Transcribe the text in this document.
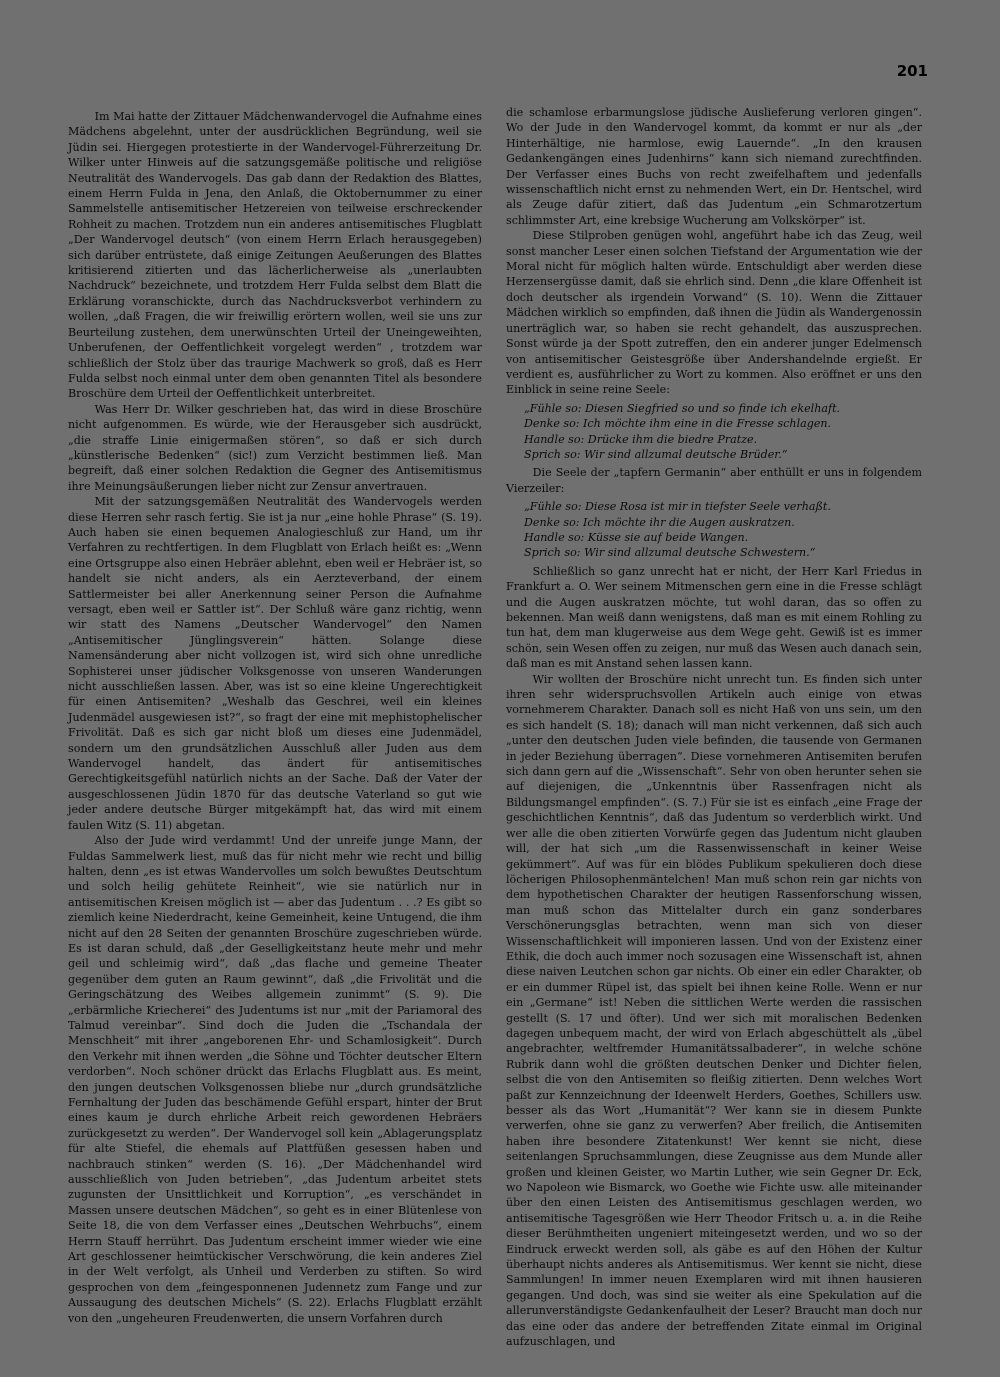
201

Im Mai hatte der Zittauer Mädchenwandervogel die Aufnahme eines Mädchens abgelehnt, unter der ausdrücklichen Begründung, weil sie Jüdin sei. Hiergegen protestierte in der Wandervogel-Führerzeitung Dr. Wilker unter Hinweis auf die satzungsgemäße politische und religiöse Neutralität des Wandervogels. Das gab dann der Redaktion des Blattes, einem Herrn Fulda in Jena, den Anlaß, die Oktobernummer zu einer Sammelstelle antisemitischer Hetzereien von teilweise erschreckender Rohheit zu machen. Trotzdem nun ein anderes antisemitisches Flugblatt „Der Wandervogel deutsch“ (von einem Herrn Erlach herausgegeben) sich darüber entrüstete, daß einige Zeitungen Aeußerungen des Blattes kritisierend zitierten und das lächerlicherweise als „unerlaubten Nachdruck“ bezeichnete, und trotzdem Herr Fulda selbst dem Blatt die Erklärung voranschickte, durch das Nachdrucksverbot verhindern zu wollen, „daß Fragen, die wir freiwillig erörtern wollen, weil sie uns zur Beurteilung zustehen, dem unerwünschten Urteil der Uneingeweihten, Unberufenen, der Oeffentlichkeit vorgelegt werden“ , trotzdem war schließlich der Stolz über das traurige Machwerk so groß, daß es Herr Fulda selbst noch einmal unter dem oben genannten Titel als besondere Broschüre dem Urteil der Oeffentlichkeit unterbreitet.

Was Herr Dr. Wilker geschrieben hat, das wird in diese Broschüre nicht aufgenommen. Es würde, wie der Herausgeber sich ausdrückt, „die straffe Linie einigermaßen stören“, so daß er sich durch „künstlerische Bedenken“ (sic!) zum Verzicht bestimmen ließ. Man begreift, daß einer solchen Redaktion die Gegner des Antisemitismus ihre Meinungsäußerungen lieber nicht zur Zensur anvertrauen.

Mit der satzungsgemäßen Neutralität des Wandervogels werden diese Herren sehr rasch fertig. Sie ist ja nur „eine hohle Phrase“ (S. 19). Auch haben sie einen bequemen Analogieschluß zur Hand, um ihr Verfahren zu rechtfertigen. In dem Flugblatt von Erlach heißt es: „Wenn eine Ortsgruppe also einen Hebräer ablehnt, eben weil er Hebräer ist, so handelt sie nicht anders, als ein Aerzteverband, der einem Sattlermeister bei aller Anerkennung seiner Person die Aufnahme versagt, eben weil er Sattler ist“. Der Schluß wäre ganz richtig, wenn wir statt des Namens „Deutscher Wandervogel“ den Namen „Antisemitischer Jünglingsverein“ hätten. Solange diese Namensänderung aber nicht vollzogen ist, wird sich ohne unredliche Sophisterei unser jüdischer Volksgenosse von unseren Wanderungen nicht ausschließen lassen. Aber, was ist so eine kleine Ungerechtigkeit für einen Antisemiten? „Weshalb das Geschrei, weil ein kleines Judenmädel ausgewiesen ist?“, so fragt der eine mit mephistophelischer Frivolität. Daß es sich gar nicht bloß um dieses eine Judenmädel, sondern um den grundsätzlichen Ausschluß aller Juden aus dem Wandervogel handelt, das ändert für antisemitisches Gerechtigkeitsgefühl natürlich nichts an der Sache. Daß der Vater der ausgeschlossenen Jüdin 1870 für das deutsche Vaterland so gut wie jeder andere deutsche Bürger mitgekämpft hat, das wird mit einem faulen Witz (S. 11) abgetan.

Also der Jude wird verdammt! Und der unreife junge Mann, der Fuldas Sammelwerk liest, muß das für nicht mehr wie recht und billig halten, denn „es ist etwas Wandervolles um solch bewußtes Deutschtum und solch heilig gehütete Reinheit“, wie sie natürlich nur in antisemitischen Kreisen möglich ist — aber das Judentum . . .? Es gibt so ziemlich keine Niederdracht, keine Gemeinheit, keine Untugend, die ihm nicht auf den 28 Seiten der genannten Broschüre zugeschrieben würde. Es ist daran schuld, daß „der Geselligkeitstanz heute mehr und mehr geil und schleimig wird“, daß „das flache und gemeine Theater gegenüber dem guten an Raum gewinnt“, daß „die Frivolität und die Geringschätzung des Weibes allgemein zunimmt“ (S. 9). Die „erbärmliche Kriecherei“ des Judentums ist nur „mit der Pariamoral des Talmud vereinbar“. Sind doch die Juden die „Tschandala der Menschheit“ mit ihrer „angeborenen Ehr- und Schamlosigkeit“. Durch den Verkehr mit ihnen werden „die Söhne und Töchter deutscher Eltern verdorben“. Noch schöner drückt das Erlachs Flugblatt aus. Es meint, den jungen deutschen Volksgenossen bliebe nur „durch grundsätzliche Fernhaltung der Juden das beschämende Gefühl erspart, hinter der Brut eines kaum je durch ehrliche Arbeit reich gewordenen Hebräers zurückgesetzt zu werden“. Der Wandervogel soll kein „Ablagerungsplatz für alte Stiefel, die ehemals auf Plattfüßen gesessen haben und nachbrauch stinken“ werden (S. 16). „Der Mädchenhandel wird ausschließlich von Juden betrieben“, „das Judentum arbeitet stets zugunsten der Unsittlichkeit und Korruption“, „es verschändet in Massen unsere deutschen Mädchen“, so geht es in einer Blütenlese von Seite 18, die von dem Verfasser eines „Deutschen Wehrbuchs“, einem Herrn Stauff herrührt. Das Judentum erscheint immer wieder wie eine Art geschlossener heimtückischer Verschwörung, die kein anderes Ziel in der Welt verfolgt, als Unheil und Verderben zu stiften. So wird gesprochen von dem „feingesponnenen Judennetz zum Fange und zur Aussaugung des deutschen Michels“ (S. 22). Erlachs Flugblatt erzählt von den „ungeheuren Freudenwerten, die unsern Vorfahren durch

die schamlose erbarmungslose jüdische Auslieferung verloren gingen“. Wo der Jude in den Wandervogel kommt, da kommt er nur als „der Hinterhältige, nie harmlose, ewig Lauernde“. „In den krausen Gedankengängen eines Judenhirns“ kann sich niemand zurechtfinden. Der Verfasser eines Buchs von recht zweifelhaftem und jedenfalls wissenschaftlich nicht ernst zu nehmenden Wert, ein Dr. Hentschel, wird als Zeuge dafür zitiert, daß das Judentum „ein Schmarotzertum schlimmster Art, eine krebsige Wucherung am Volkskörper“ ist.

Diese Stilproben genügen wohl, angeführt habe ich das Zeug, weil sonst mancher Leser einen solchen Tiefstand der Argumentation wie der Moral nicht für möglich halten würde. Entschuldigt aber werden diese Herzensergüsse damit, daß sie ehrlich sind. Denn „die klare Offenheit ist doch deutscher als irgendein Vorwand“ (S. 10). Wenn die Zittauer Mädchen wirklich so empfinden, daß ihnen die Jüdin als Wandergenossin unerträglich war, so haben sie recht gehandelt, das auszusprechen. Sonst würde ja der Spott zutreffen, den ein anderer junger Edelmensch von antisemitischer Geistesgröße über Andershandelnde ergießt. Er verdient es, ausführlicher zu Wort zu kommen. Also eröffnet er uns den Einblick in seine reine Seele:

„Fühle so: Diesen Siegfried so und so finde ich ekelhaft.
Denke so: Ich möchte ihm eine in die Fresse schlagen.
Handle so: Drücke ihm die biedre Pratze.
Sprich so: Wir sind allzumal deutsche Brüder.“

Die Seele der „tapfern Germanin“ aber enthüllt er uns in folgendem Vierzeiler:

„Fühle so: Diese Rosa ist mir in tiefster Seele verhaßt.
Denke so: Ich möchte ihr die Augen auskratzen.
Handle so: Küsse sie auf beide Wangen.
Sprich so: Wir sind allzumal deutsche Schwestern.“

Schließlich so ganz unrecht hat er nicht, der Herr Karl Friedus in Frankfurt a. O. Wer seinem Mitmenschen gern eine in die Fresse schlägt und die Augen auskratzen möchte, tut wohl daran, das so offen zu bekennen. Man weiß dann wenigstens, daß man es mit einem Rohling zu tun hat, dem man klugerweise aus dem Wege geht. Gewiß ist es immer schön, sein Wesen offen zu zeigen, nur muß das Wesen auch danach sein, daß man es mit Anstand sehen lassen kann.

Wir wollten der Broschüre nicht unrecht tun. Es finden sich unter ihren sehr widerspruchsvollen Artikeln auch einige von etwas vornehmerem Charakter. Danach soll es nicht Haß von uns sein, um den es sich handelt (S. 18); danach will man nicht verkennen, daß sich auch „unter den deutschen Juden viele befinden, die tausende von Germanen in jeder Beziehung überragen“. Diese vornehmeren Antisemiten berufen sich dann gern auf die „Wissenschaft“. Sehr von oben herunter sehen sie auf diejenigen, die „Unkenntnis über Rassenfragen nicht als Bildungsmangel empfinden“. (S. 7.) Für sie ist es einfach „eine Frage der geschichtlichen Kenntnis“, daß das Judentum so verderblich wirkt. Und wer alle die oben zitierten Vorwürfe gegen das Judentum nicht glauben will, der hat sich „um die Rassenwissenschaft in keiner Weise gekümmert“. Auf was für ein blödes Publikum spekulieren doch diese löcherigen Philosophenmäntelchen! Man muß schon rein gar nichts von dem hypothetischen Charakter der heutigen Rassenforschung wissen, man muß schon das Mittelalter durch ein ganz sonderbares Verschönerungsglas betrachten, wenn man sich von dieser Wissenschaftlichkeit will imponieren lassen. Und von der Existenz einer Ethik, die doch auch immer noch sozusagen eine Wissenschaft ist, ahnen diese naiven Leutchen schon gar nichts. Ob einer ein edler Charakter, ob er ein dummer Rüpel ist, das spielt bei ihnen keine Rolle. Wenn er nur ein „Germane“ ist! Neben die sittlichen Werte werden die rassischen gestellt (S. 17 und öfter). Und wer sich mit moralischen Bedenken dagegen unbequem macht, der wird von Erlach abgeschüttelt als „übel angebrachter, weltfremder Humanitätssalbaderer“, in welche schöne Rubrik dann wohl die größten deutschen Denker und Dichter fielen, selbst die von den Antisemiten so fleißig zitierten. Denn welches Wort paßt zur Kennzeichnung der Ideenwelt Herders, Goethes, Schillers usw. besser als das Wort „Humanität“? Wer kann sie in diesem Punkte verwerfen, ohne sie ganz zu verwerfen? Aber freilich, die Antisemiten haben ihre besondere Zitatenkunst! Wer kennt sie nicht, diese seitenlangen Spruchsammlungen, diese Zeugnisse aus dem Munde aller großen und kleinen Geister, wo Martin Luther, wie sein Gegner Dr. Eck, wo Napoleon wie Bismarck, wo Goethe wie Fichte usw. alle miteinander über den einen Leisten des Antisemitismus geschlagen werden, wo antisemitische Tagesgrößen wie Herr Theodor Fritsch u. a. in die Reihe dieser Berühmtheiten ungeniert miteingesetzt werden, und wo so der Eindruck erweckt werden soll, als gäbe es auf den Höhen der Kultur überhaupt nichts anderes als Antisemitismus. Wer kennt sie nicht, diese Sammlungen! In immer neuen Exemplaren wird mit ihnen hausieren gegangen. Und doch, was sind sie weiter als eine Spekulation auf die allerunverständigste Gedankenfaulheit der Leser? Braucht man doch nur das eine oder das andere der betreffenden Zitate einmal im Original aufzuschlagen, und
